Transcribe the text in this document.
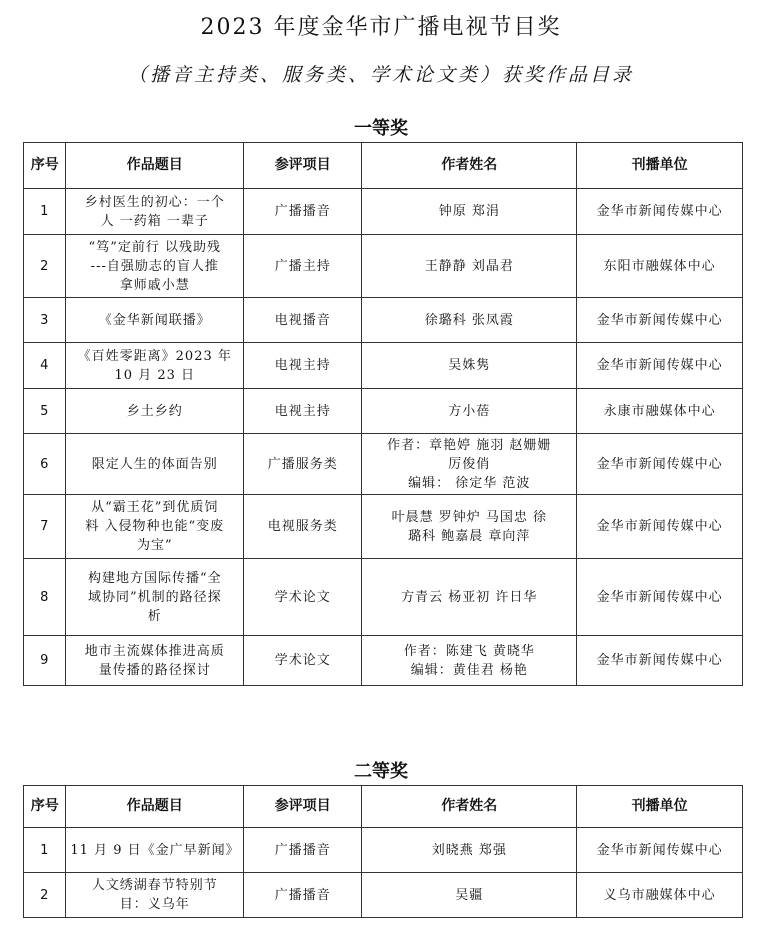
2023 年度金华市广播电视节目奖
（播音主持类、服务类、学术论文类）获奖作品目录
一等奖
序号	作品题目	参评项目	作者姓名	刊播单位
1	乡村医生的初心：一个
人 一药箱 一辈子	广播播音	钟原 郑涓	金华市新闻传媒中心
2	“笃”定前行 以残助残
---自强励志的盲人推
拿师戚小慧	广播主持	王静静 刘晶君	东阳市融媒体中心
3	《金华新闻联播》	电视播音	徐璐科 张凤霞	金华市新闻传媒中心
4	《百姓零距离》2023 年
10 月 23 日	电视主持	吴姝隽	金华市新闻传媒中心
5	乡土乡约	电视主持	方小蓓	永康市融媒体中心
6	限定人生的体面告别	广播服务类	作者：章艳婷 施羽 赵姗姗
厉俊俏
编辑： 徐定华 范波	金华市新闻传媒中心
7	从“霸王花”到优质饲
料 入侵物种也能“变废
为宝”	电视服务类	叶晨慧 罗钟炉 马国忠 徐
璐科 鲍嘉晨 章向萍	金华市新闻传媒中心
8	构建地方国际传播“全
域协同”机制的路径探
析	学术论文	方青云 杨亚初 许日华	金华市新闻传媒中心
9	地市主流媒体推进高质
量传播的路径探讨	学术论文	作者：陈建飞 黄晓华
编辑：黄佳君 杨艳	金华市新闻传媒中心
二等奖
序号	作品题目	参评项目	作者姓名	刊播单位
1	11 月 9 日《金广早新闻》	广播播音	刘晓燕 郑强	金华市新闻传媒中心
2	人文绣湖春节特别节
目：义乌年	广播播音	吴疆	义乌市融媒体中心
